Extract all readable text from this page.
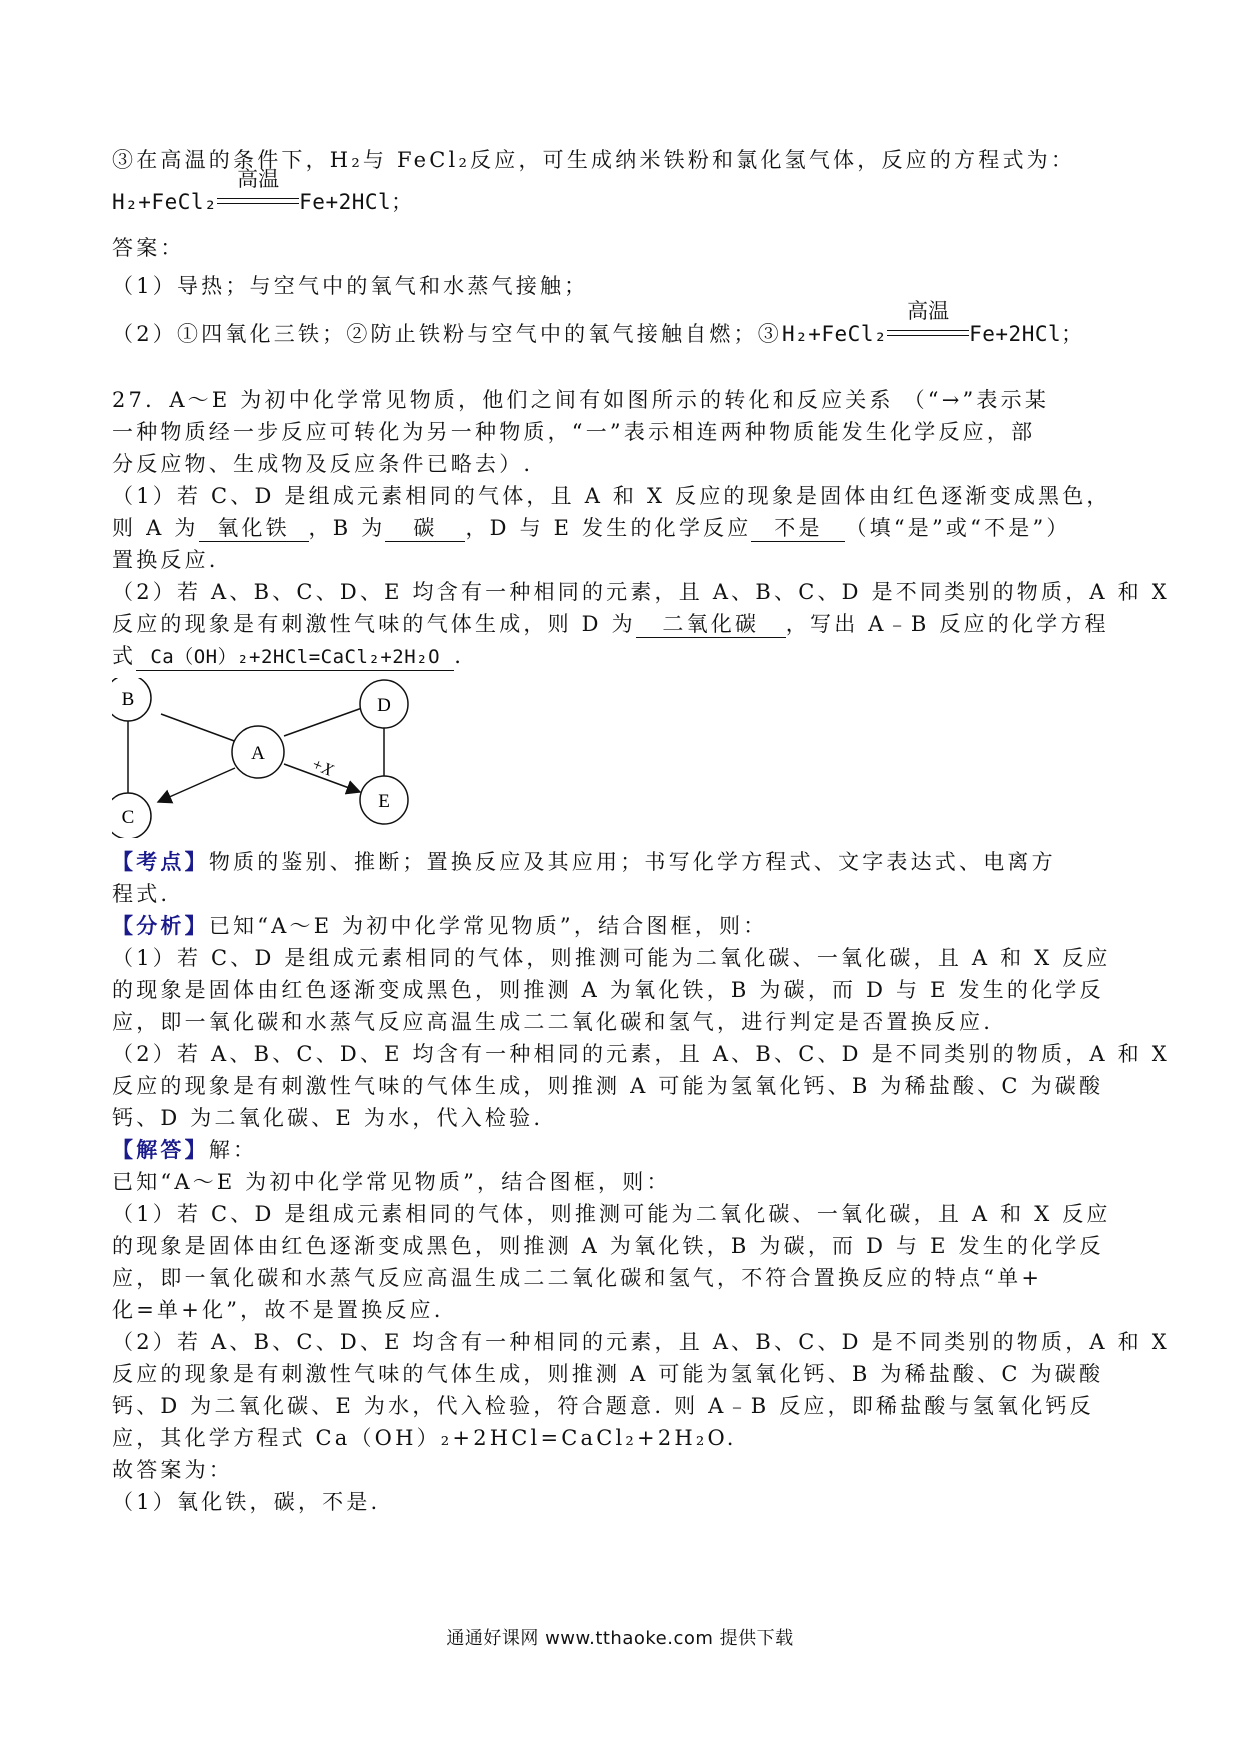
③在高温的条件下，H₂与 FeCl₂反应，可生成纳米铁粉和氯化氢气体，反应的方程式为：
H₂+FeCl₂
高温
Fe+2HCl；
答案：
（1）导热；与空气中的氧气和水蒸气接触；
（2）①四氧化三铁；②防止铁粉与空气中的氧气接触自燃；③H₂+FeCl₂
高温
Fe+2HCl；
27．A～E 为初中化学常见物质，他们之间有如图所示的转化和反应关系 （“→”表示某
一种物质经一步反应可转化为另一种物质，“一”表示相连两种物质能发生化学反应，部
分反应物、生成物及反应条件已略去）.
（1）若 C、D 是组成元素相同的气体，且 A 和 X 反应的现象是固体由红色逐渐变成黑色，
则 A 为 氧化铁 ，B 为 碳 ，D 与 E 发生的化学反应 不是 （填“是”或“不是”）
置换反应.
（2）若 A、B、C、D、E 均含有一种相同的元素，且 A、B、C、D 是不同类别的物质，A 和 X
反应的现象是有刺激性气味的气体生成，则 D 为 二氧化碳 ，写出 A﹣B 反应的化学方程
式 Ca（OH）₂+2HCl=CaCl₂+2H₂O .
B
C
A
D
E
+X
【考点】物质的鉴别、推断；置换反应及其应用；书写化学方程式、文字表达式、电离方
程式.
【分析】已知“A～E 为初中化学常见物质”，结合图框，则：
（1）若 C、D 是组成元素相同的气体，则推测可能为二氧化碳、一氧化碳，且 A 和 X 反应
的现象是固体由红色逐渐变成黑色，则推测 A 为氧化铁，B 为碳，而 D 与 E 发生的化学反
应，即一氧化碳和水蒸气反应高温生成二二氧化碳和氢气，进行判定是否置换反应.
（2）若 A、B、C、D、E 均含有一种相同的元素，且 A、B、C、D 是不同类别的物质，A 和 X
反应的现象是有刺激性气味的气体生成，则推测 A 可能为氢氧化钙、B 为稀盐酸、C 为碳酸
钙、D 为二氧化碳、E 为水，代入检验.
【解答】解：
已知“A～E 为初中化学常见物质”，结合图框，则：
（1）若 C、D 是组成元素相同的气体，则推测可能为二氧化碳、一氧化碳，且 A 和 X 反应
的现象是固体由红色逐渐变成黑色，则推测 A 为氧化铁，B 为碳，而 D 与 E 发生的化学反
应，即一氧化碳和水蒸气反应高温生成二二氧化碳和氢气，不符合置换反应的特点“单+
化=单+化”，故不是置换反应.
（2）若 A、B、C、D、E 均含有一种相同的元素，且 A、B、C、D 是不同类别的物质，A 和 X
反应的现象是有刺激性气味的气体生成，则推测 A 可能为氢氧化钙、B 为稀盐酸、C 为碳酸
钙、D 为二氧化碳、E 为水，代入检验，符合题意. 则 A﹣B 反应，即稀盐酸与氢氧化钙反
应，其化学方程式 Ca（OH）₂+2HCl=CaCl₂+2H₂O.
故答案为：
（1）氧化铁，碳，不是.
通通好课网 www.tthaoke.com 提供下载
